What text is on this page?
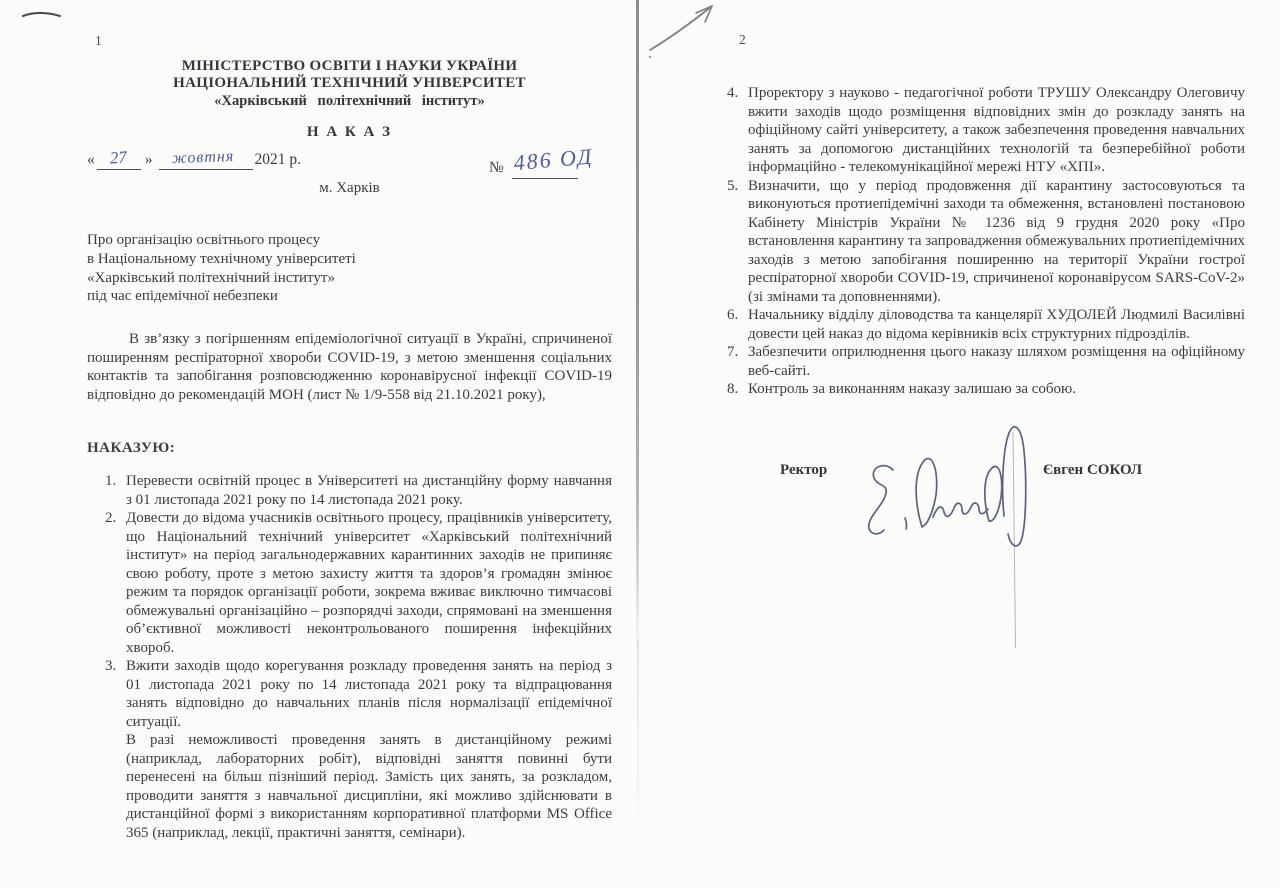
1
МІНІСТЕРСТВО ОСВІТИ І НАУКИ УКРАЇНИ
НАЦІОНАЛЬНИЙ ТЕХНІЧНИЙ УНІВЕРСИТЕТ
«Харківський політехнічний інститут»
Н А К А З
« 27 » жовтня 2021 р.	№ 486 ОД
м. Харків
Про організацію освітнього процесу
в Національному технічному університеті
«Харківський політехнічний інститут»
під час епідемічної небезпеки

В зв’язку з погіршенням епідеміологічної ситуації в Україні, спричиненої поширенням респіраторної хвороби COVID-19, з метою зменшення соціальних контактів та запобігання розповсюдженню коронавірусної інфекції COVID-19 відповідно до рекомендацій МОН (лист № 1/9-558 від 21.10.2021 року),

НАКАЗУЮ:
1. Перевести освітній процес в Університеті на дистанційну форму навчання з 01 листопада 2021 року по 14 листопада 2021 року.
2. Довести до відома учасників освітнього процесу, працівників університету, що Національний технічний університет «Харківський політехнічний інститут» на період загальнодержавних карантинних заходів не припиняє свою роботу, проте з метою захисту життя та здоров’я громадян змінює режим та порядок організації роботи, зокрема вживає виключно тимчасові обмежувальні організаційно – розпорядчі заходи, спрямовані на зменшення об’єктивної можливості неконтрольованого поширення інфекційних хвороб.
3. Вжити заходів щодо корегування розкладу проведення занять на період з 01 листопада 2021 року по 14 листопада 2021 року та відпрацювання занять відповідно до навчальних планів після нормалізації епідемічної ситуації.
В разі неможливості проведення занять в дистанційному режимі (наприклад, лабораторних робіт), відповідні заняття повинні бути перенесені на більш пізніший період. Замість цих занять, за розкладом, проводити заняття з навчальної дисципліни, які можливо здійснювати в дистанційної формі з використанням корпоративної платформи MS Office 365 (наприклад, лекції, практичні заняття, семінари).
2
4. Проректору з науково - педагогічної роботи ТРУШУ Олександру Олеговичу вжити заходів щодо розміщення відповідних змін до розкладу занять на офіційному сайті університету, а також забезпечення проведення навчальних занять за допомогою дистанційних технологій та безперебійної роботи інформаційно - телекомунікаційної мережі НТУ «ХПІ».
5. Визначити, що у період продовження дії карантину застосовуються та виконуються протиепідемічні заходи та обмеження, встановлені постановою Кабінету Міністрів України № 1236 від 9 грудня 2020 року «Про встановлення карантину та запровадження обмежувальних протиепідемічних заходів з метою запобігання поширенню на території України гострої респіраторної хвороби COVID-19, спричиненої коронавірусом SARS-CoV-2» (зі змінами та доповненнями).
6. Начальнику відділу діловодства та канцелярії ХУДОЛЕЙ Людмилі Василівні довести цей наказ до відома керівників всіх структурних підрозділів.
7. Забезпечити оприлюднення цього наказу шляхом розміщення на офіційному веб-сайті.
8. Контроль за виконанням наказу залишаю за собою.
Ректор	Євген СОКОЛ
